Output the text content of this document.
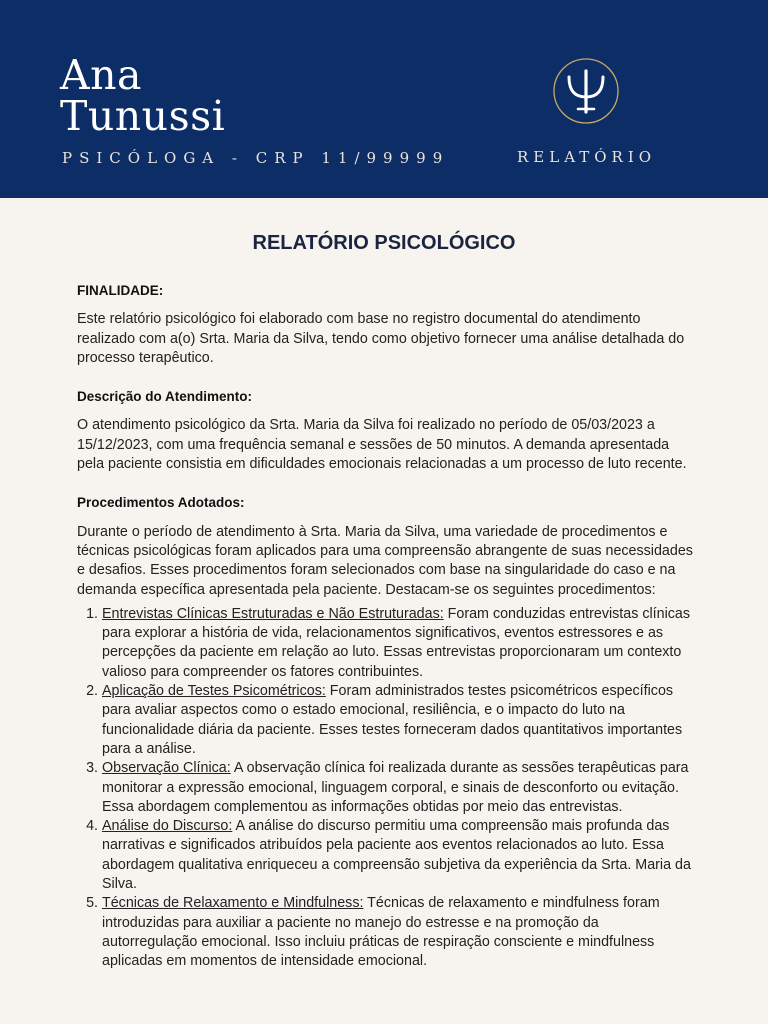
Ana
Tunussi
PSICÓLOGA - CRP 11/99999	RELATÓRIO
RELATÓRIO PSICOLÓGICO
FINALIDADE:

Este relatório psicológico foi elaborado com base no registro documental do atendimento realizado com a(o) Srta. Maria da Silva, tendo como objetivo fornecer uma análise detalhada do processo terapêutico.

Descrição do Atendimento:

O atendimento psicológico da Srta. Maria da Silva foi realizado no período de 05/03/2023 a 15/12/2023, com uma frequência semanal e sessões de 50 minutos. A demanda apresentada pela paciente consistia em dificuldades emocionais relacionadas a um processo de luto recente.

Procedimentos Adotados:

Durante o período de atendimento à Srta. Maria da Silva, uma variedade de procedimentos e técnicas psicológicas foram aplicados para uma compreensão abrangente de suas necessidades e desafios. Esses procedimentos foram selecionados com base na singularidade do caso e na demanda específica apresentada pela paciente. Destacam-se os seguintes procedimentos:

1. Entrevistas Clínicas Estruturadas e Não Estruturadas: Foram conduzidas entrevistas clínicas para explorar a história de vida, relacionamentos significativos, eventos estressores e as percepções da paciente em relação ao luto. Essas entrevistas proporcionaram um contexto valioso para compreender os fatores contribuintes.
2. Aplicação de Testes Psicométricos: Foram administrados testes psicométricos específicos para avaliar aspectos como o estado emocional, resiliência, e o impacto do luto na funcionalidade diária da paciente. Esses testes forneceram dados quantitativos importantes para a análise.
3. Observação Clínica: A observação clínica foi realizada durante as sessões terapêuticas para monitorar a expressão emocional, linguagem corporal, e sinais de desconforto ou evitação. Essa abordagem complementou as informações obtidas por meio das entrevistas.
4. Análise do Discurso: A análise do discurso permitiu uma compreensão mais profunda das narrativas e significados atribuídos pela paciente aos eventos relacionados ao luto. Essa abordagem qualitativa enriqueceu a compreensão subjetiva da experiência da Srta. Maria da Silva.
5. Técnicas de Relaxamento e Mindfulness: Técnicas de relaxamento e mindfulness foram introduzidas para auxiliar a paciente no manejo do estresse e na promoção da autorregulação emocional. Isso incluiu práticas de respiração consciente e mindfulness aplicadas em momentos de intensidade emocional.
